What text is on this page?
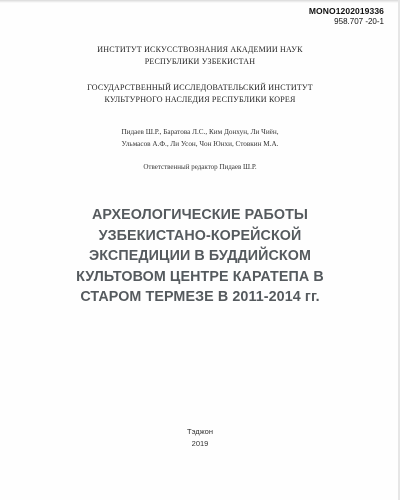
MONO1202019336
958.707 -20-1
ИНСТИТУТ ИСКУССТВОЗНАНИЯ АКАДЕМИИ НАУК
РЕСПУБЛИКИ УЗБЕКИСТАН
ГОСУДАРСТВЕННЫЙ ИССЛЕДОВАТЕЛЬСКИЙ ИНСТИТУТ
КУЛЬТУРНОГО НАСЛЕДИЯ РЕСПУБЛИКИ КОРЕЯ
Пидаев Ш.Р., Баратова Л.С., Ким Донхун, Ли Чиён,
Ульмасов А.Ф., Ли Усон, Чон Юнхи, Стовкин М.А.
Ответственный редактор Пидаев Ш.Р.
АРХЕОЛОГИЧЕСКИЕ РАБОТЫ
УЗБЕКИСТАНО-КОРЕЙСКОЙ
ЭКСПЕДИЦИИ В БУДДИЙСКОМ
КУЛЬТОВОМ ЦЕНТРЕ КАРАТЕПА В
СТАРОМ ТЕРМЕЗЕ В 2011-2014 гг.
Тэджон
2019
